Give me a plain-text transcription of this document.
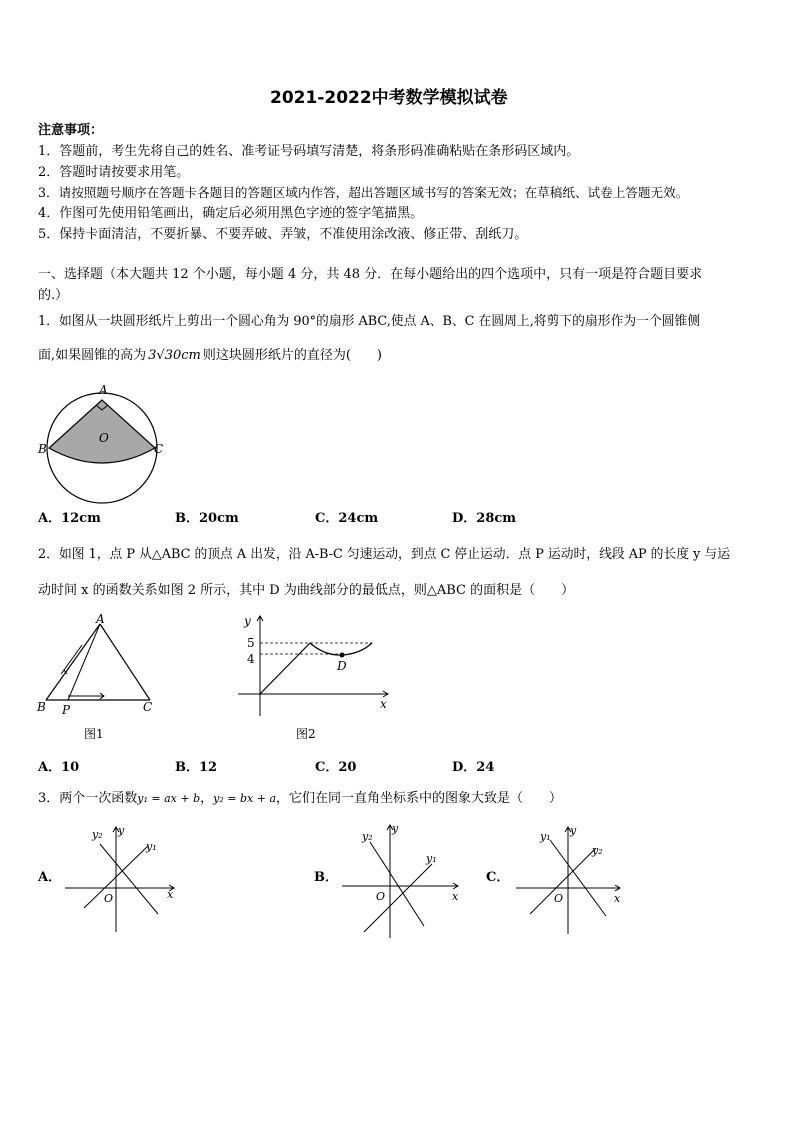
2021-2022中考数学模拟试卷
注意事项：
1．答题前，考生先将自己的姓名、准考证号码填写清楚，将条形码准确粘贴在条形码区域内。
2．答题时请按要求用笔。
3．请按照题号顺序在答题卡各题目的答题区域内作答，超出答题区域书写的答案无效；在草稿纸、试卷上答题无效。
4．作图可先使用铅笔画出，确定后必须用黑色字迹的签字笔描黑。
5．保持卡面清洁，不要折暴、不要弄破、弄皱，不准使用涂改液、修正带、刮纸刀。
一、选择题（本大题共 12 个小题，每小题 4 分，共 48 分．在每小题给出的四个选项中，只有一项是符合题目要求
的.）
1．如图从一块圆形纸片上剪出一个圆心角为 90°的扇形 ABC,使点 A、B、C 在圆周上,将剪下的扇形作为一个圆锥侧
面,如果圆锥的高为 3√30cm 则这块圆形纸片的直径为(　　)
A
B	C
O
A．12cm	B．20cm	C．24cm	D．28cm
2．如图 1，点 P 从△ABC 的顶点 A 出发，沿 A-B-C 匀速运动，到点 C 停止运动．点 P 运动时，线段 AP 的长度 y 与运
动时间 x 的函数关系如图 2 所示，其中 D 为曲线部分的最低点，则△ABC 的面积是（　　）
A
B P	C
图1
y
x
5
4	D
图2
A．10	B．12	C．20	D．24
3．两个一次函数y₁ = ax + b，y₂ = bx + a，它们在同一直角坐标系中的图象大致是（　　）
A．
y₂ y
y₁
O	x
B．
y₂
y
y₁
O	x
C．
y₁ y
y₂
O	x
